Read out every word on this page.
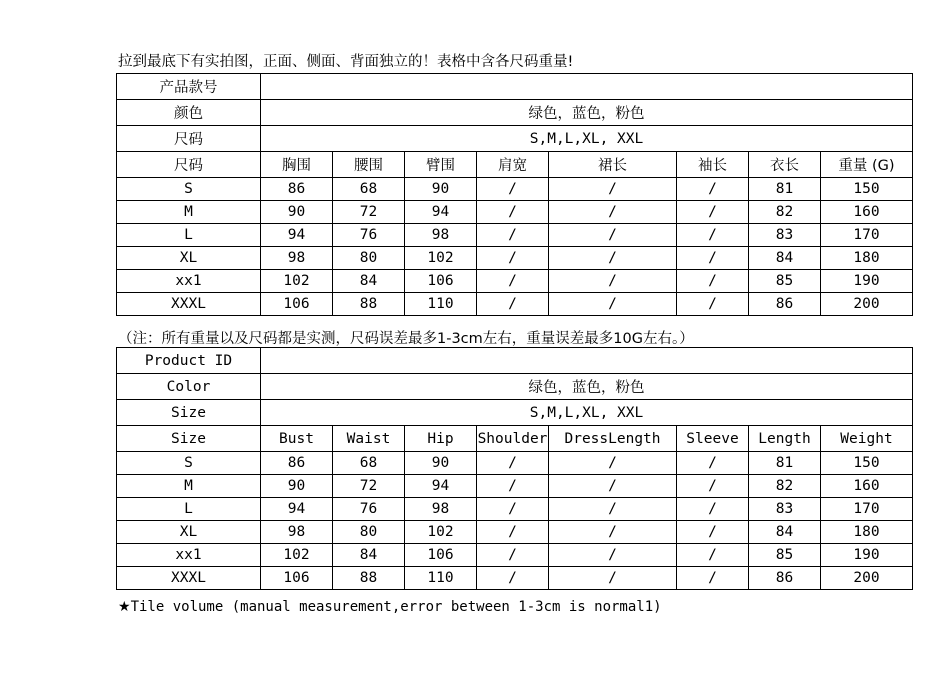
拉到最底下有实拍图，正面、侧面、背面独立的！表格中含各尺码重量!
产品款号								
颜色	绿色，蓝色，粉色							
尺码	S,M,L,XL, XXL							
尺码	胸围	腰围	臂围	肩宽	裙长	袖长	衣长	重量 (G)
S	86	68	90	/	/	/	81	150
M	90	72	94	/	/	/	82	160
L	94	76	98	/	/	/	83	170
XL	98	80	102	/	/	/	84	180
xx1	102	84	106	/	/	/	85	190
XXXL	106	88	110	/	/	/	86	200
（注：所有重量以及尺码都是实测，尺码误差最多1-3cm左右，重量误差最多10G左右。）
Product ID								
Color	绿色，蓝色，粉色							
Size	S,M,L,XL, XXL							
Size	Bust	Waist	Hip	Shoulder	DressLength	Sleeve	Length	Weight
S	86	68	90	/	/	/	81	150
M	90	72	94	/	/	/	82	160
L	94	76	98	/	/	/	83	170
XL	98	80	102	/	/	/	84	180
xx1	102	84	106	/	/	/	85	190
XXXL	106	88	110	/	/	/	86	200
★Tile volume (manual measurement,error between 1-3cm is normal1)
